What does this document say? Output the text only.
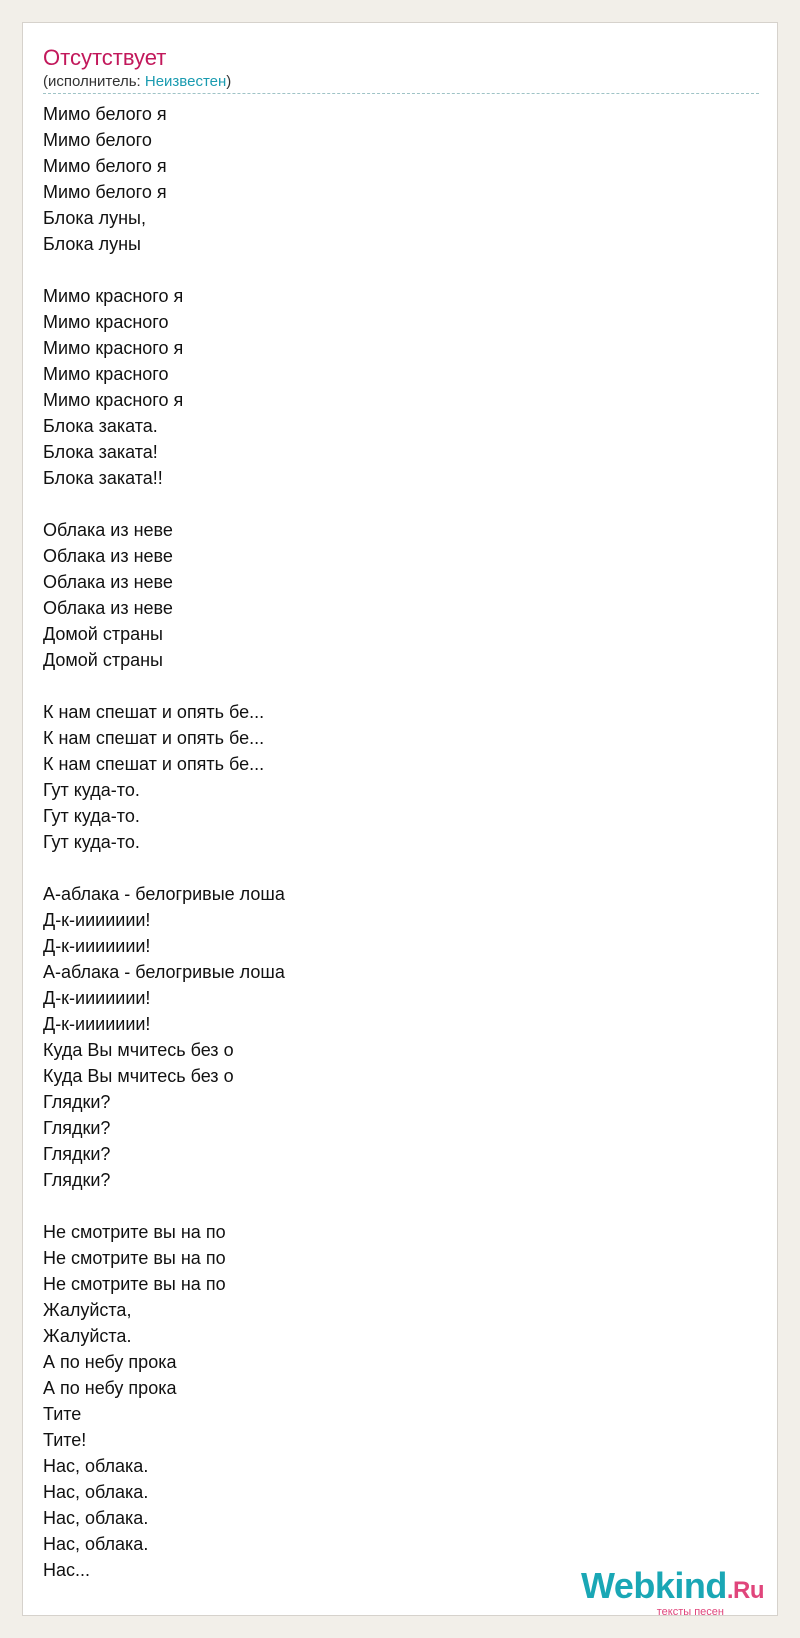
Отсутствует
(исполнитель: Неизвестен)
Мимо белого я
Мимо белого
Мимо белого я
Мимо белого я
Блока луны,
Блока луны
Мимо красного я
Мимо красного
Мимо красного я
Мимо красного
Мимо красного я
Блока заката.
Блока заката!
Блока заката!!
Облака из неве
Облака из неве
Облака из неве
Облака из неве
Домой страны
Домой страны
К нам спешат и опять бе...
К нам спешат и опять бе...
К нам спешат и опять бе...
Гут куда-то.
Гут куда-то.
Гут куда-то.
А-аблака - белогривые лоша
Д-к-иииииии!
Д-к-иииииии!
А-аблака - белогривые лоша
Д-к-иииииии!
Д-к-иииииии!
Куда Вы мчитесь без о
Куда Вы мчитесь без о
Глядки?
Глядки?
Глядки?
Глядки?
Не смотрите вы на по
Не смотрите вы на по
Не смотрите вы на по
Жалуйста,
Жалуйста.
А по небу прока
А по небу прока
Тите
Тите!
Нас, облака.
Нас, облака.
Нас, облака.
Нас, облака.
Нас...	Webkind.Ru
тексты песен
